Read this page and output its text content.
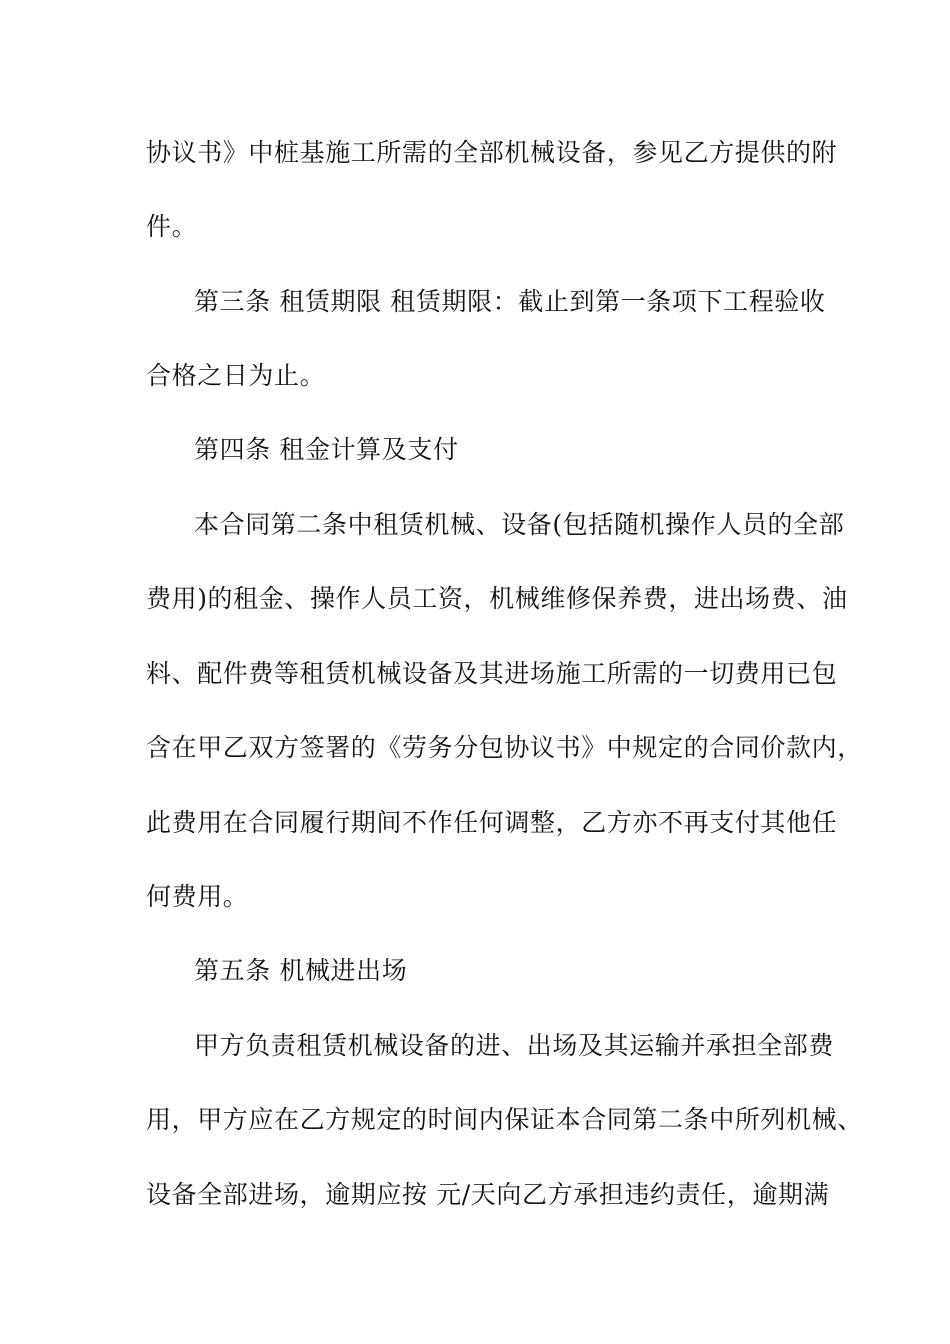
协议书》中桩基施工所需的全部机械设备，参见乙方提供的附
件。
第三条 租赁期限 租赁期限：截止到第一条项下工程验收
合格之日为止。
第四条 租金计算及支付
本合同第二条中租赁机械、设备(包括随机操作人员的全部
费用)的租金、操作人员工资，机械维修保养费，进出场费、油
料、配件费等租赁机械设备及其进场施工所需的一切费用已包
含在甲乙双方签署的《劳务分包协议书》中规定的合同价款内，
此费用在合同履行期间不作任何调整，乙方亦不再支付其他任
何费用。
第五条 机械进出场
甲方负责租赁机械设备的进、出场及其运输并承担全部费
用，甲方应在乙方规定的时间内保证本合同第二条中所列机械、
设备全部进场，逾期应按 元/天向乙方承担违约责任，逾期满
